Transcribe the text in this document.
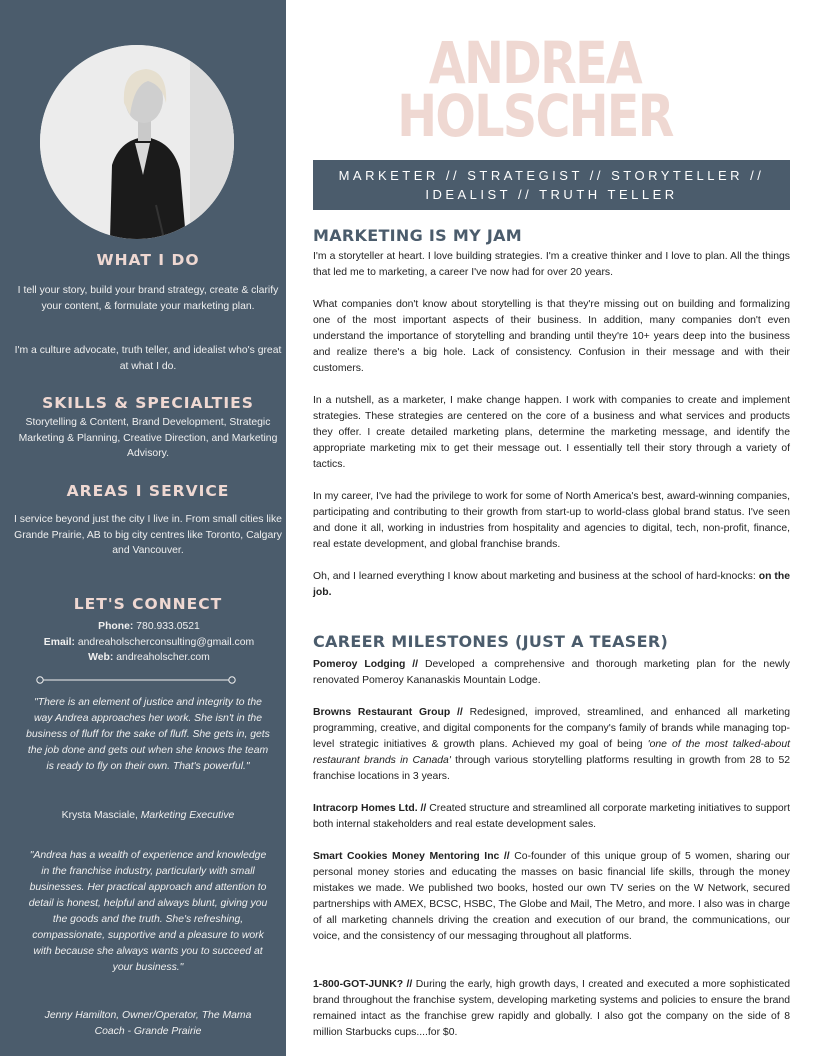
WHAT I DO

I tell your story, build your brand strategy, create & clarify your content, & formulate your marketing plan.

I'm a culture advocate, truth teller, and idealist who's great at what I do.

SKILLS & SPECIALTIES

Storytelling & Content, Brand Development, Strategic Marketing & Planning, Creative Direction, and Marketing Advisory.

AREAS I SERVICE

I service beyond just the city I live in. From small cities like Grande Prairie, AB to big city centres like Toronto, Calgary and Vancouver.

LET'S CONNECT

Phone: 780.933.0521
Email: andreaholscherconsulting@gmail.com
Web: andreaholscher.com

"There is an element of justice and integrity to the way Andrea approaches her work. She isn't in the business of fluff for the sake of fluff. She gets in, gets the job done and gets out when she knows the team is ready to fly on their own. That's powerful."

Krysta Masciale, Marketing Executive

"Andrea has a wealth of experience and knowledge in the franchise industry, particularly with small businesses. Her practical approach and attention to detail is honest, helpful and always blunt, giving you the goods and the truth. She's refreshing, compassionate, supportive and a pleasure to work with because she always wants you to succeed at your business."

Jenny Hamilton, Owner/Operator, The Mama Coach - Grande Prairie

ANDREA

HOLSCHER

MARKETER // STRATEGIST // STORYTELLER //
IDEALIST // TRUTH TELLER

MARKETING IS MY JAM

I'm a storyteller at heart. I love building strategies. I'm a creative thinker and I love to plan. All the things that led me to marketing, a career I've now had for over 20 years.

What companies don't know about storytelling is that they're missing out on building and formalizing one of the most important aspects of their business. In addition, many companies don't even understand the importance of storytelling and branding until they're 10+ years deep into the business and realize there's a big hole. Lack of consistency. Confusion in their message and with their customers.

In a nutshell, as a marketer, I make change happen. I work with companies to create and implement strategies. These strategies are centered on the core of a business and what services and products they offer. I create detailed marketing plans, determine the marketing message, and identify the appropriate marketing mix to get their message out. I essentially tell their story through a variety of tactics.

In my career, I've had the privilege to work for some of North America's best, award-winning companies, participating and contributing to their growth from start-up to world-class global brand status. I've seen and done it all, working in industries from hospitality and agencies to digital, tech, non-profit, finance, real estate development, and global franchise brands.

Oh, and I learned everything I know about marketing and business at the school of hard-knocks: on the job.

CAREER MILESTONES (JUST A TEASER)

Pomeroy Lodging // Developed a comprehensive and thorough marketing plan for the newly renovated Pomeroy Kananaskis Mountain Lodge.

Browns Restaurant Group // Redesigned, improved, streamlined, and enhanced all marketing programming, creative, and digital components for the company's family of brands while managing top-level strategic initiatives & growth plans. Achieved my goal of being 'one of the most talked-about restaurant brands in Canada' through various storytelling platforms resulting in growth from 28 to 52 franchise locations in 3 years.

Intracorp Homes Ltd. // Created structure and streamlined all corporate marketing initiatives to support both internal stakeholders and real estate development sales.

Smart Cookies Money Mentoring Inc // Co-founder of this unique group of 5 women, sharing our personal money stories and educating the masses on basic financial life skills, through the money mistakes we made. We published two books, hosted our own TV series on the W Network, secured partnerships with AMEX, BCSC, HSBC, The Globe and Mail, The Metro, and more. I also was in charge of all marketing channels driving the creation and execution of our brand, the communications, our voice, and the consistency of our messaging throughout all platforms.

1-800-GOT-JUNK? // During the early, high growth days, I created and executed a more sophisticated brand throughout the franchise system, developing marketing systems and policies to ensure the brand remained intact as the franchise grew rapidly and globally. I also got the company on the side of 8 million Starbucks cups....for $0.
